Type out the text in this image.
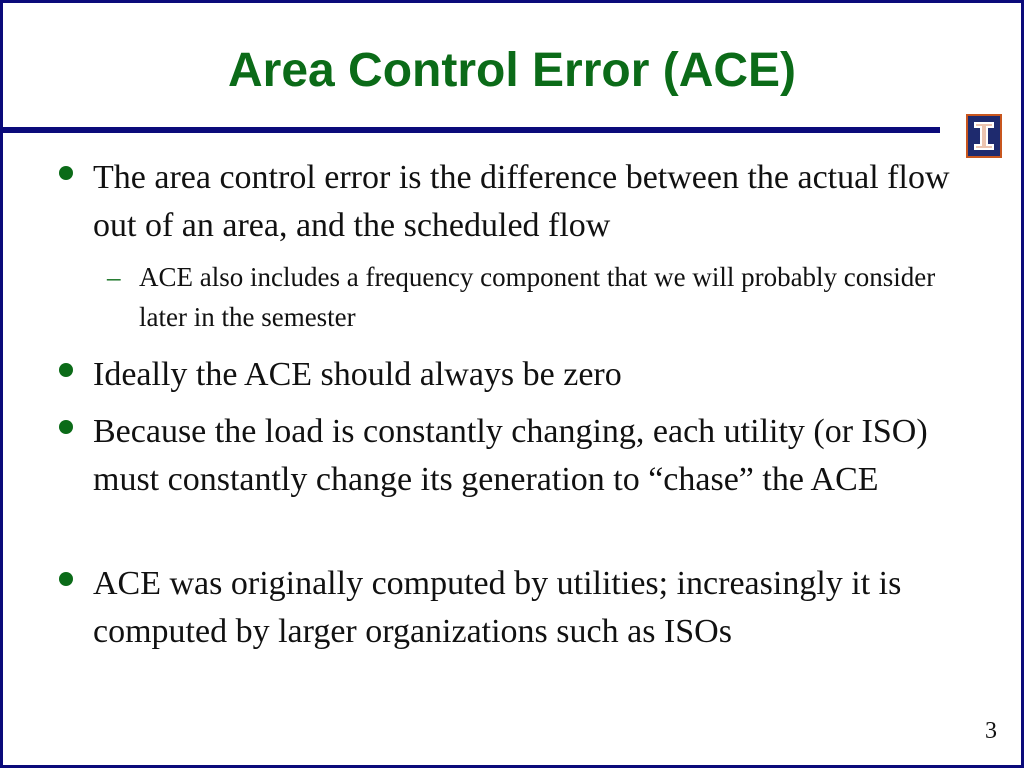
Area Control Error (ACE)
The area control error is the difference between the actual flow out of an area, and the scheduled flow
– ACE also includes a frequency component that we will probably consider later in the semester
Ideally the ACE should always be zero
Because the load is constantly changing, each utility (or ISO) must constantly change its generation to “chase” the ACE
ACE was originally computed by utilities; increasingly it is computed by larger organizations such as ISOs
3
